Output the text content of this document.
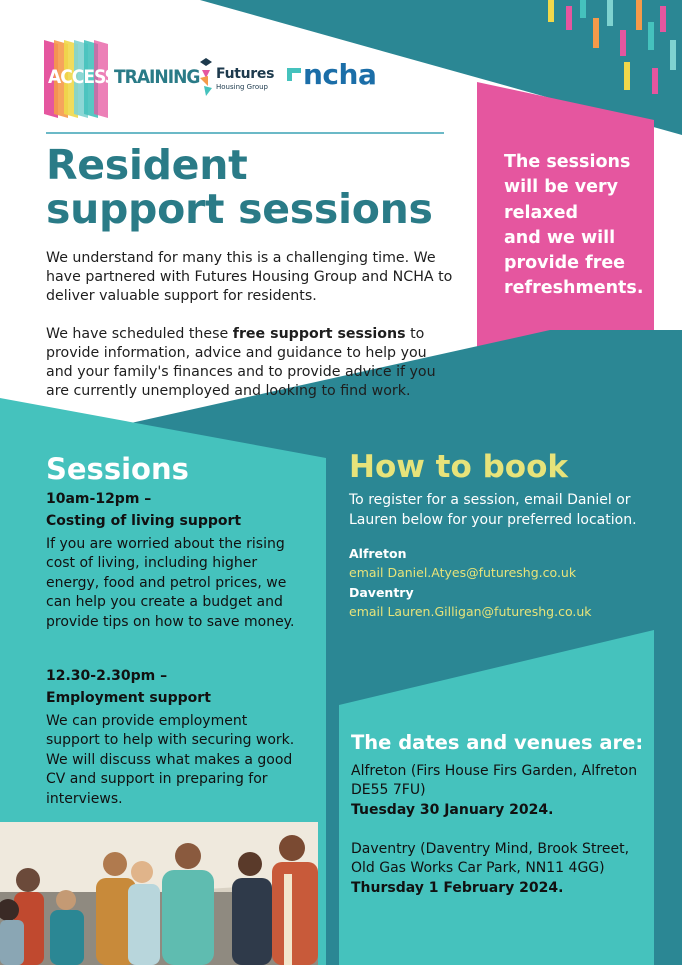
ACCESS
TRAINING Futures
Housing Group ncha
Resident
support sessions

We understand for many this is a challenging time. We have partnered with Futures Housing Group and NCHA to deliver valuable support for residents.

We have scheduled these free support sessions to provide information, advice and guidance to help you and your family's finances and to provide advice if you are currently unemployed and looking to find work.

The sessions
will be very
relaxed
and we will
provide free
refreshments.
Sessions
10am-12pm –
Costing of living support
If you are worried about the rising cost of living, including higher energy, food and petrol prices, we can help you create a budget and provide tips on how to save money.
12.30-2.30pm –
Employment support
We can provide employment support to help with securing work. We will discuss what makes a good CV and support in preparing for interviews.
How to book
To register for a session, email Daniel or Lauren below for your preferred location.
Alfreton
email Daniel.Atyes@futureshg.co.uk
Daventry
email Lauren.Gilligan@futureshg.co.uk
The dates and venues are:
Alfreton (Firs House Firs Garden, Alfreton DE55 7FU)
Tuesday 30 January 2024.
Daventry (Daventry Mind, Brook Street, Old Gas Works Car Park, NN11 4GG)
Thursday 1 February 2024.
